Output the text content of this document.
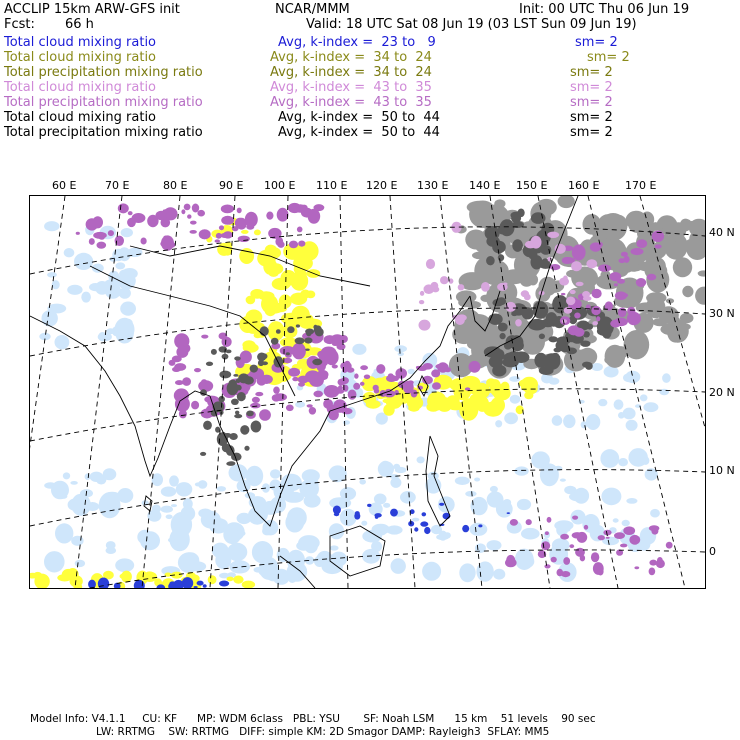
ACCLIP 15km ARW-GFS init	NCAR/MMM	Init: 00 UTC Thu 06 Jun 19
Fcst: 66 h	Valid: 18 UTC Sat 08 Jun 19 (03 LST Sun 09 Jun 19)
Total cloud mixing ratio	Avg, k-index =  23 to   9	sm= 2
Total cloud mixing ratio	Avg, k-index =  34 to  24	sm= 2
Total precipitation mixing ratio	Avg, k-index =  34 to  24	sm= 2
Total cloud mixing ratio	Avg, k-index =  43 to  35	sm= 2
Total precipitation mixing ratio	Avg, k-index =  43 to  35	sm= 2
Total cloud mixing ratio	Avg, k-index =  50 to  44	sm= 2
Total precipitation mixing ratio	Avg, k-index =  50 to  44	sm= 2
60 E	70 E	80 E	90 E 100 E 110 E 120 E 130 E 140 E 150 E 160 E 170 E
40 N
30 N
20 N
10 N
0
Model Info: V4.1.1     CU: KF      MP: WDM 6class   PBL: YSU       SF: Noah LSM      15 km    51 levels    90 sec
LW: RRTMG    SW: RRTMG   DIFF: simple KM: 2D Smagor DAMP: Rayleigh3  SFLAY: MM5
